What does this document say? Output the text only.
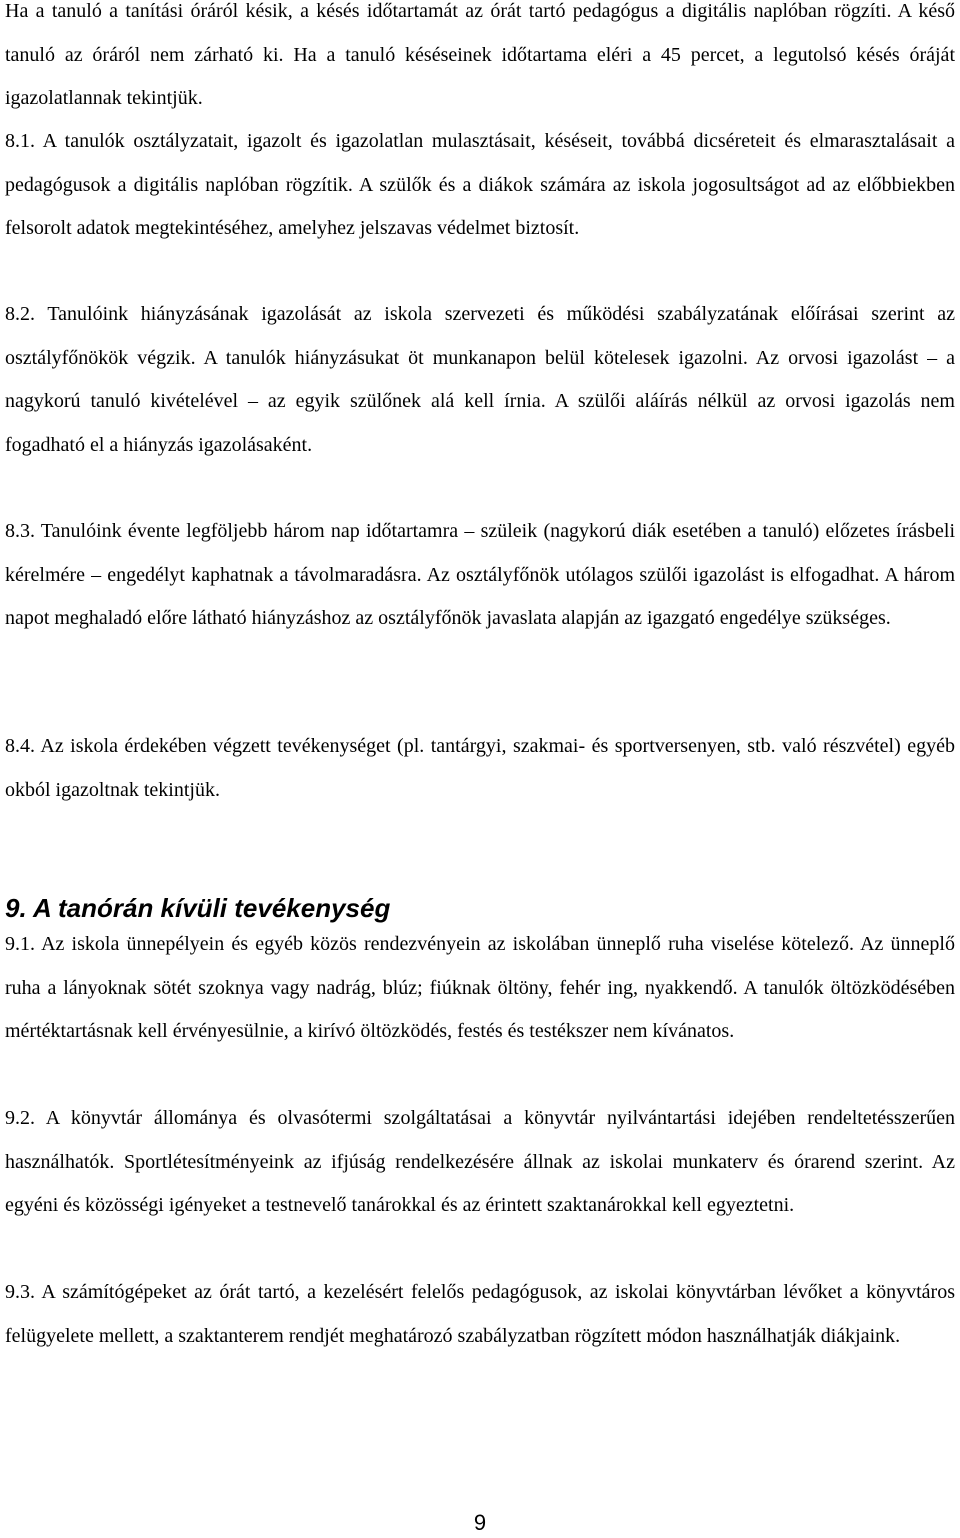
Ha a tanuló a tanítási óráról késik, a késés időtartamát az órát tartó pedagógus a digitális naplóban rögzíti. A késő tanuló az óráról nem zárható ki. Ha a tanuló késéseinek időtartama eléri a 45 percet, a legutolsó késés óráját igazolatlannak tekintjük.

8.1. A tanulók osztályzatait, igazolt és igazolatlan mulasztásait, késéseit, továbbá dicséreteit és elmarasztalásait a pedagógusok a digitális naplóban rögzítik. A szülők és a diákok számára az iskola jogosultságot ad az előbbiekben felsorolt adatok megtekintéséhez, amelyhez jelszavas védelmet biztosít.

8.2. Tanulóink hiányzásának igazolását az iskola szervezeti és működési szabályzatának előírásai szerint az osztályfőnökök végzik. A tanulók hiányzásukat öt munkanapon belül kötelesek igazolni. Az orvosi igazolást – a nagykorú tanuló kivételével – az egyik szülőnek alá kell írnia. A szülői aláírás nélkül az orvosi igazolás nem fogadható el a hiányzás igazolásaként.

8.3. Tanulóink évente legföljebb három nap időtartamra – szüleik (nagykorú diák esetében a tanuló) előzetes írásbeli kérelmére – engedélyt kaphatnak a távolmaradásra. Az osztályfőnök utólagos szülői igazolást is elfogadhat. A három napot meghaladó előre látható hiányzáshoz az osztályfőnök javaslata alapján az igazgató engedélye szükséges.

8.4. Az iskola érdekében végzett tevékenységet (pl. tantárgyi, szakmai- és sportversenyen, stb. való részvétel) egyéb okból igazoltnak tekintjük.

9. A tanórán kívüli tevékenység

9.1. Az iskola ünnepélyein és egyéb közös rendezvényein az iskolában ünneplő ruha viselése kötelező. Az ünneplő ruha a lányoknak sötét szoknya vagy nadrág, blúz; fiúknak öltöny, fehér ing, nyakkendő. A tanulók öltözködésében mértéktartásnak kell érvényesülnie, a kirívó öltözködés, festés és testékszer nem kívánatos.

9.2. A könyvtár állománya és olvasótermi szolgáltatásai a könyvtár nyilvántartási idejében rendeltetésszerűen használhatók. Sportlétesítményeink az ifjúság rendelkezésére állnak az iskolai munkaterv és órarend szerint. Az egyéni és közösségi igényeket a testnevelő tanárokkal és az érintett szaktanárokkal kell egyeztetni.

9.3. A számítógépeket az órát tartó, a kezelésért felelős pedagógusok, az iskolai könyvtárban lévőket a könyvtáros felügyelete mellett, a szaktanterem rendjét meghatározó szabályzatban rögzített módon használhatják diákjaink.

9
